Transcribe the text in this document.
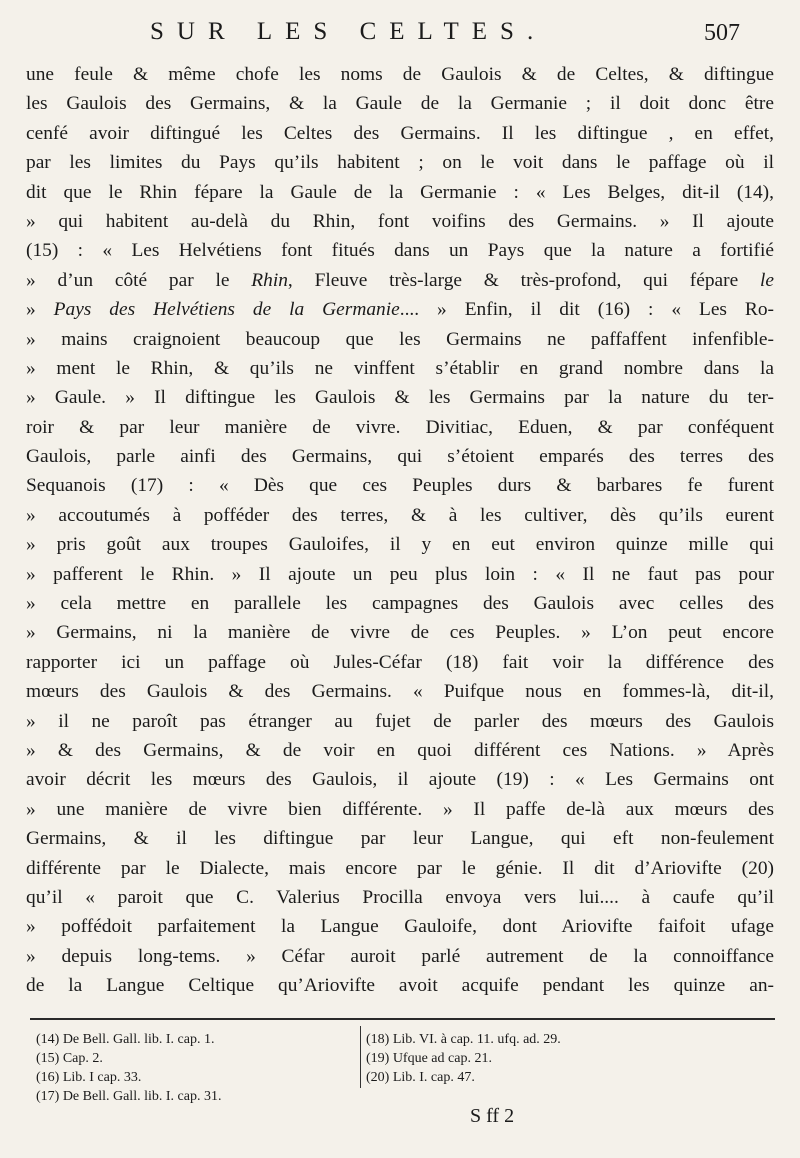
SUR LES CELTES.	507
une feule & même chofe les noms de Gaulois & de Celtes, & diftingue
les Gaulois des Germains, & la Gaule de la Germanie ; il doit donc être
cenfé avoir diftingué les Celtes des Germains. Il les diftingue , en effet,
par les limites du Pays qu’ils habitent ; on le voit dans le paffage où il
dit que le Rhin fépare la Gaule de la Germanie : « Les Belges, dit-il (14),
» qui habitent au-delà du Rhin, font voifins des Germains. » Il ajoute
(15) : « Les Helvétiens font fitués dans un Pays que la nature a fortifié
» d’un côté par le Rhin, Fleuve très-large & très-profond, qui fépare le
» Pays des Helvétiens de la Germanie.... » Enfin, il dit (16) : « Les Ro-
» mains craignoient beaucoup que les Germains ne paffaffent infenfible-
» ment le Rhin, & qu’ils ne vinffent s’établir en grand nombre dans la
» Gaule. » Il diftingue les Gaulois & les Germains par la nature du ter-
roir & par leur manière de vivre. Divitiac, Eduen, & par conféquent
Gaulois, parle ainfi des Germains, qui s’étoient emparés des terres des
Sequanois (17) : « Dès que ces Peuples durs & barbares fe furent
» accoutumés à pofféder des terres, & à les cultiver, dès qu’ils eurent
» pris goût aux troupes Gauloifes, il y en eut environ quinze mille qui
» pafferent le Rhin. » Il ajoute un peu plus loin : « Il ne faut pas pour
» cela mettre en parallele les campagnes des Gaulois avec celles des
» Germains, ni la manière de vivre de ces Peuples. » L’on peut encore
rapporter ici un paffage où Jules-Céfar (18) fait voir la différence des
mœurs des Gaulois & des Germains. « Puifque nous en fommes-là, dit-il,
» il ne paroît pas étranger au fujet de parler des mœurs des Gaulois
» & des Germains, & de voir en quoi différent ces Nations. » Après
avoir décrit les mœurs des Gaulois, il ajoute (19) : « Les Germains ont
» une manière de vivre bien différente. » Il paffe de-là aux mœurs des
Germains, & il les diftingue par leur Langue, qui eft non-feulement
différente par le Dialecte, mais encore par le génie. Il dit d’Ariovifte (20)
qu’il « paroit que C. Valerius Procilla envoya vers lui.... à caufe qu’il
» poffédoit parfaitement la Langue Gauloife, dont Ariovifte faifoit ufage
» depuis long-tems. » Céfar auroit parlé autrement de la connoiffance
de la Langue Celtique qu’Ariovifte avoit acquife pendant les quinze an-
(14) De Bell. Gall. lib. I. cap. 1.
(15) Cap. 2.
(16) Lib. I cap. 33.
(17) De Bell. Gall. lib. I. cap. 31.
(18) Lib. VI. à cap. 11. ufq. ad. 29.
(19) Ufque ad cap. 21.
(20) Lib. I. cap. 47.
S ff 2
